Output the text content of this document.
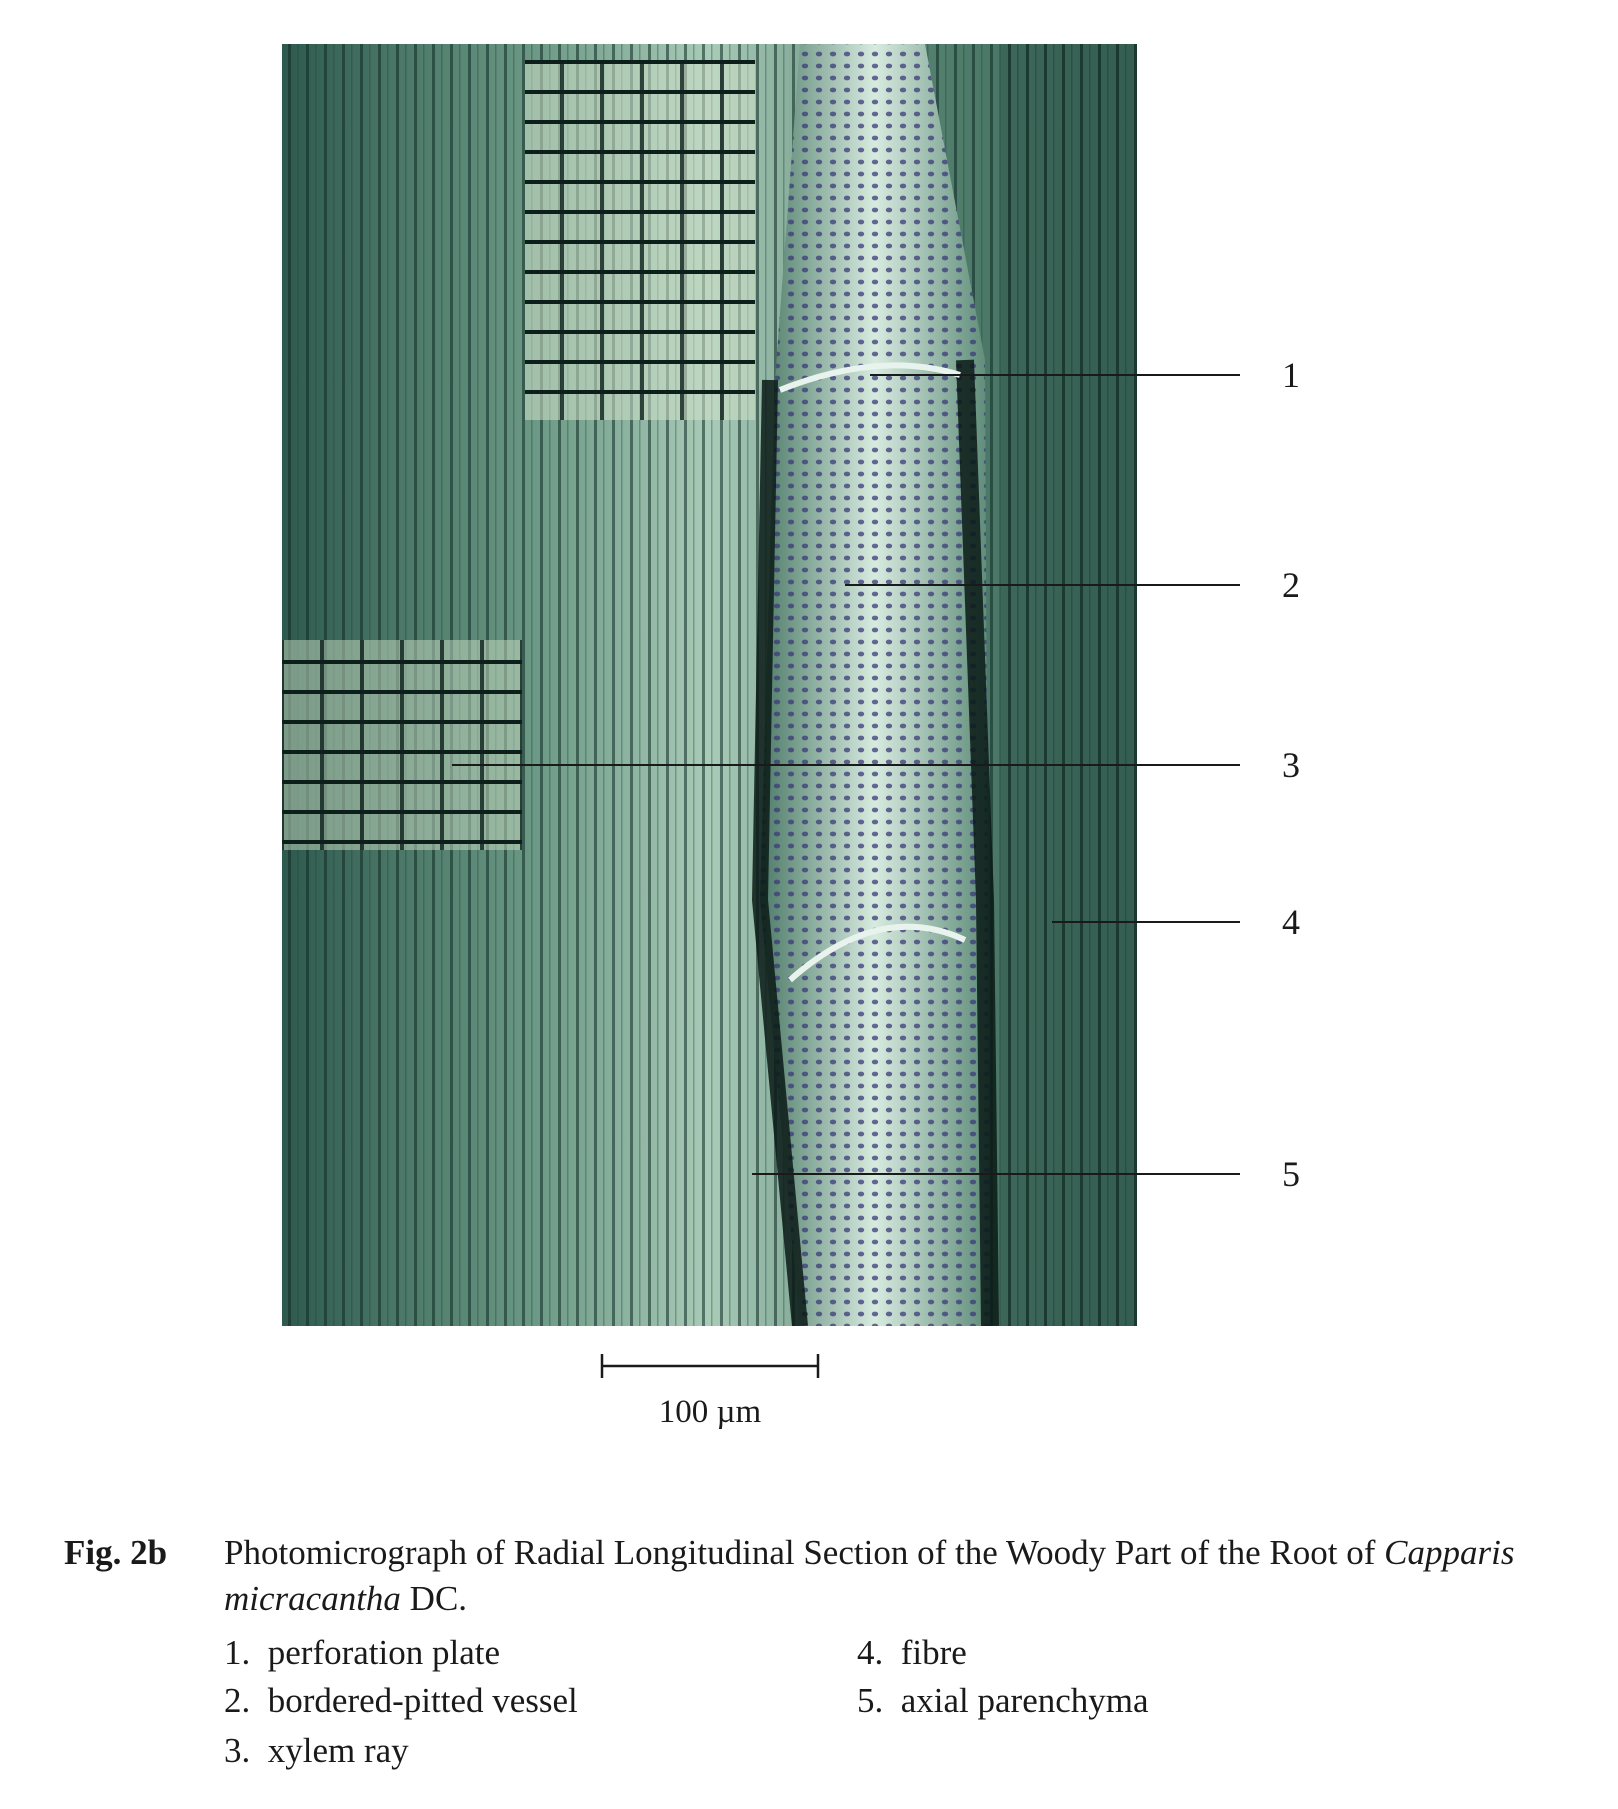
1
2
3
4
5
100 µm
Fig. 2b Photomicrograph of Radial Longitudinal Section of the Woody Part of the Root of Capparis micracantha DC.
1.  perforation plate
2.  bordered-pitted vessel
3.  xylem ray
4.  fibre
5.  axial parenchyma
